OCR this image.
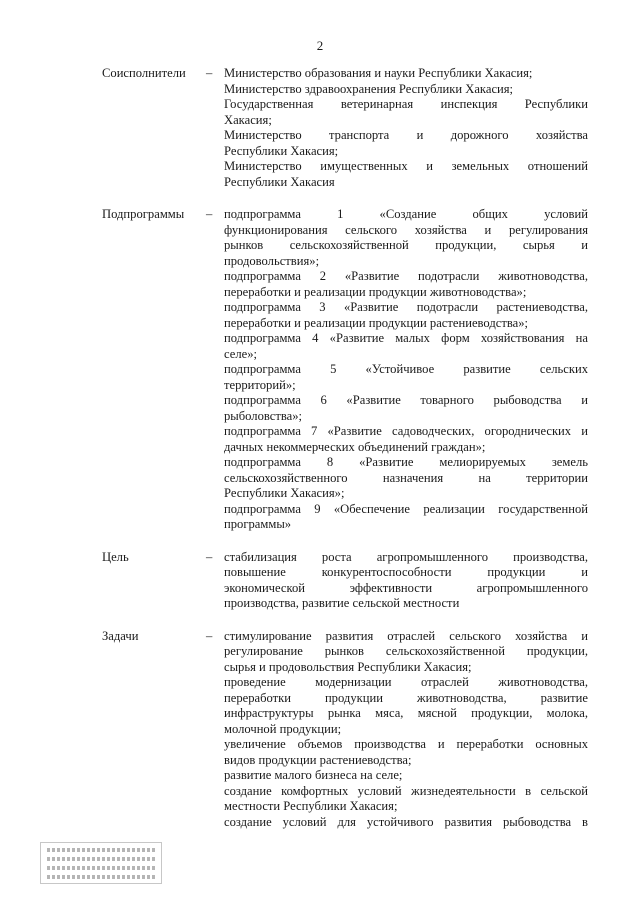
2
Соисполнители	– Министерство образования и науки Республики Хакасия;
Министерство здравоохранения Республики Хакасия;
Государственная ветеринарная инспекция Республики
Хакасия;
Министерство транспорта и дорожного хозяйства
Республики Хакасия;
Министерство имущественных и земельных отношений
Республики Хакасия
Подпрограммы	– подпрограмма 1 «Создание общих условий
функционирования сельского хозяйства и регулирования
рынков сельскохозяйственной продукции, сырья и
продовольствия»;
подпрограмма 2 «Развитие подотрасли животноводства,
переработки и реализации продукции животноводства»;
подпрограмма 3 «Развитие подотрасли растениеводства,
переработки и реализации продукции растениеводства»;
подпрограмма 4 «Развитие малых форм хозяйствования на
селе»;
подпрограмма 5 «Устойчивое развитие сельских
территорий»;
подпрограмма 6 «Развитие товарного рыбоводства и
рыболовства»;
подпрограмма 7 «Развитие садоводческих, огороднических и
дачных некоммерческих объединений граждан»;
подпрограмма 8 «Развитие мелиорируемых земель
сельскохозяйственного назначения на территории
Республики Хакасия»;
подпрограмма 9 «Обеспечение реализации государственной
программы»
Цель	– стабилизация роста агропромышленного производства,
повышение конкурентоспособности продукции и
экономической эффективности агропромышленного
производства, развитие сельской местности
Задачи	– стимулирование развития отраслей сельского хозяйства и
регулирование рынков сельскохозяйственной продукции,
сырья и продовольствия Республики Хакасия;
проведение модернизации отраслей животноводства,
переработки продукции животноводства, развитие
инфраструктуры рынка мяса, мясной продукции, молока,
молочной продукции;
увеличение объемов производства и переработки основных
видов продукции растениеводства;
развитие малого бизнеса на селе;
создание комфортных условий жизнедеятельности в сельской
местности Республики Хакасия;
создание условий для устойчивого развития рыбоводства в
